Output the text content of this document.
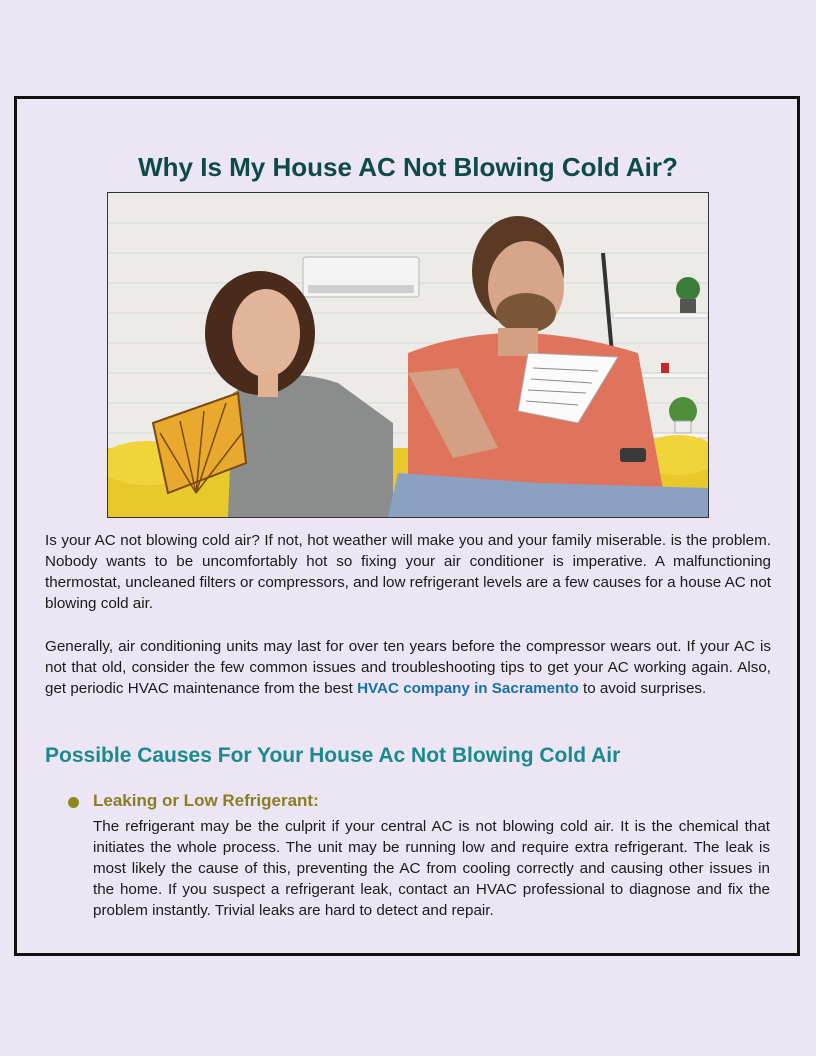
Why Is My House AC Not Blowing Cold Air?

Is your AC not blowing cold air? If not, hot weather will make you and your family miserable. is the problem. Nobody wants to be uncomfortably hot so fixing your air conditioner is imperative. A malfunctioning thermostat, uncleaned filters or compressors, and low refrigerant levels are a few causes for a house AC not blowing cold air.

Generally, air conditioning units may last for over ten years before the compressor wears out. If your AC is not that old, consider the few common issues and troubleshooting tips to get your AC working again. Also, get periodic HVAC maintenance from the best HVAC company in Sacramento to avoid surprises.

Possible Causes For Your House Ac Not Blowing Cold Air
Leaking or Low Refrigerant:

The refrigerant may be the culprit if your central AC is not blowing cold air. It is the chemical that initiates the whole process. The unit may be running low and require extra refrigerant. The leak is most likely the cause of this, preventing the AC from cooling correctly and causing other issues in the home. If you suspect a refrigerant leak, contact an HVAC professional to diagnose and fix the problem instantly. Trivial leaks are hard to detect and repair.
